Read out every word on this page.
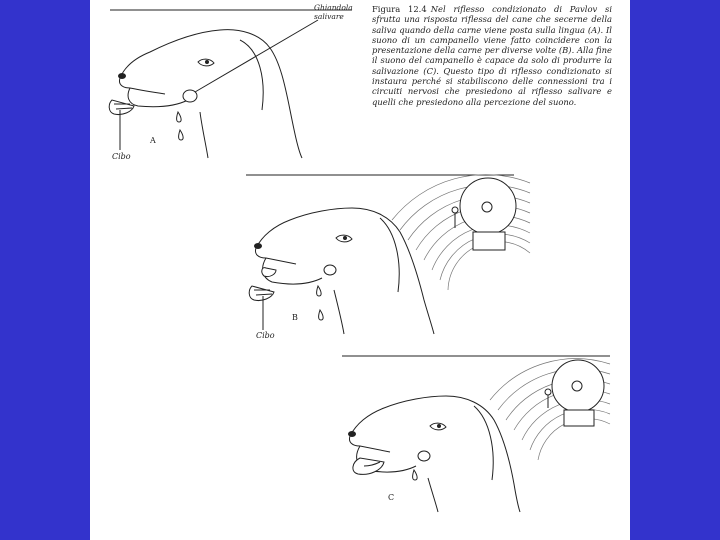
Figura 12.4 Nel riflesso condizionato di Pavlov si sfrutta una risposta riflessa del cane che secerne della saliva quando della carne viene posta sulla lingua (A). Il suono di un campanello viene fatto coincidere con la presentazione della carne per diverse volte (B). Alla fine il suono del campanello è capace da solo di produrre la salivazione (C). Questo tipo di riflesso condizionato si instaura perché si stabiliscono delle connessioni tra i circuiti nervosi che presiedono al riflesso salivare e quelli che presiedono alla percezione del suono.
Ghiandola salivare
A
Cibo
B
Cibo
C
